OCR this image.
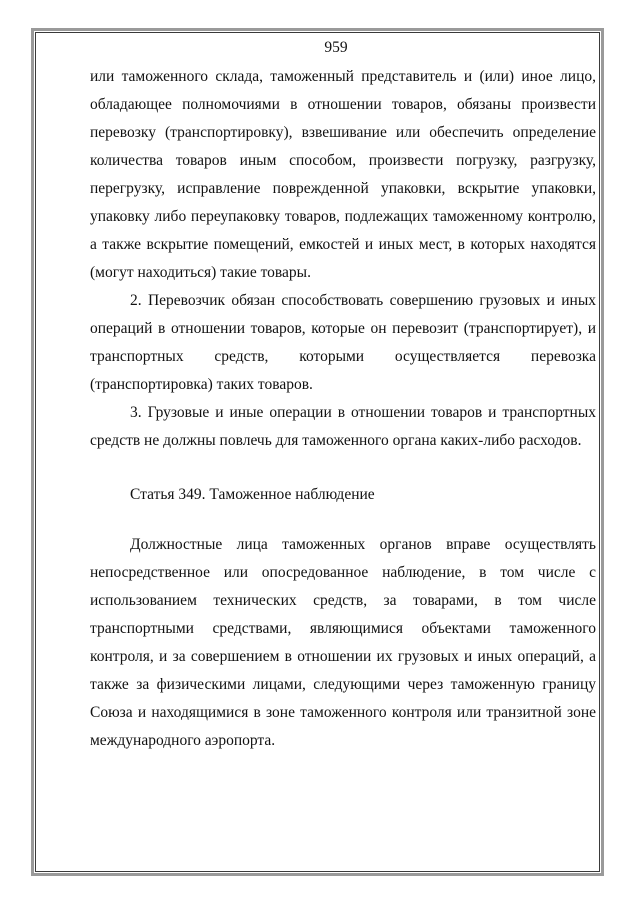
959

или таможенного склада, таможенный представитель и (или) иное лицо, обладающее полномочиями в отношении товаров, обязаны произвести перевозку (транспортировку), взвешивание или обеспечить определение количества товаров иным способом, произвести погрузку, разгрузку, перегрузку, исправление поврежденной упаковки, вскрытие упаковки, упаковку либо переупаковку товаров, подлежащих таможенному контролю, а также вскрытие помещений, емкостей и иных мест, в которых находятся (могут находиться) такие товары.

2. Перевозчик обязан способствовать совершению грузовых и иных операций в отношении товаров, которые он перевозит (транспортирует), и транспортных средств, которыми осуществляется перевозка (транспортировка) таких товаров.

3. Грузовые и иные операции в отношении товаров и транспортных средств не должны повлечь для таможенного органа каких-либо расходов.

Статья 349. Таможенное наблюдение

Должностные лица таможенных органов вправе осуществлять непосредственное или опосредованное наблюдение, в том числе с использованием технических средств, за товарами, в том числе транспортными средствами, являющимися объектами таможенного контроля, и за совершением в отношении их грузовых и иных операций, а также за физическими лицами, следующими через таможенную границу Союза и находящимися в зоне таможенного контроля или транзитной зоне международного аэропорта.
